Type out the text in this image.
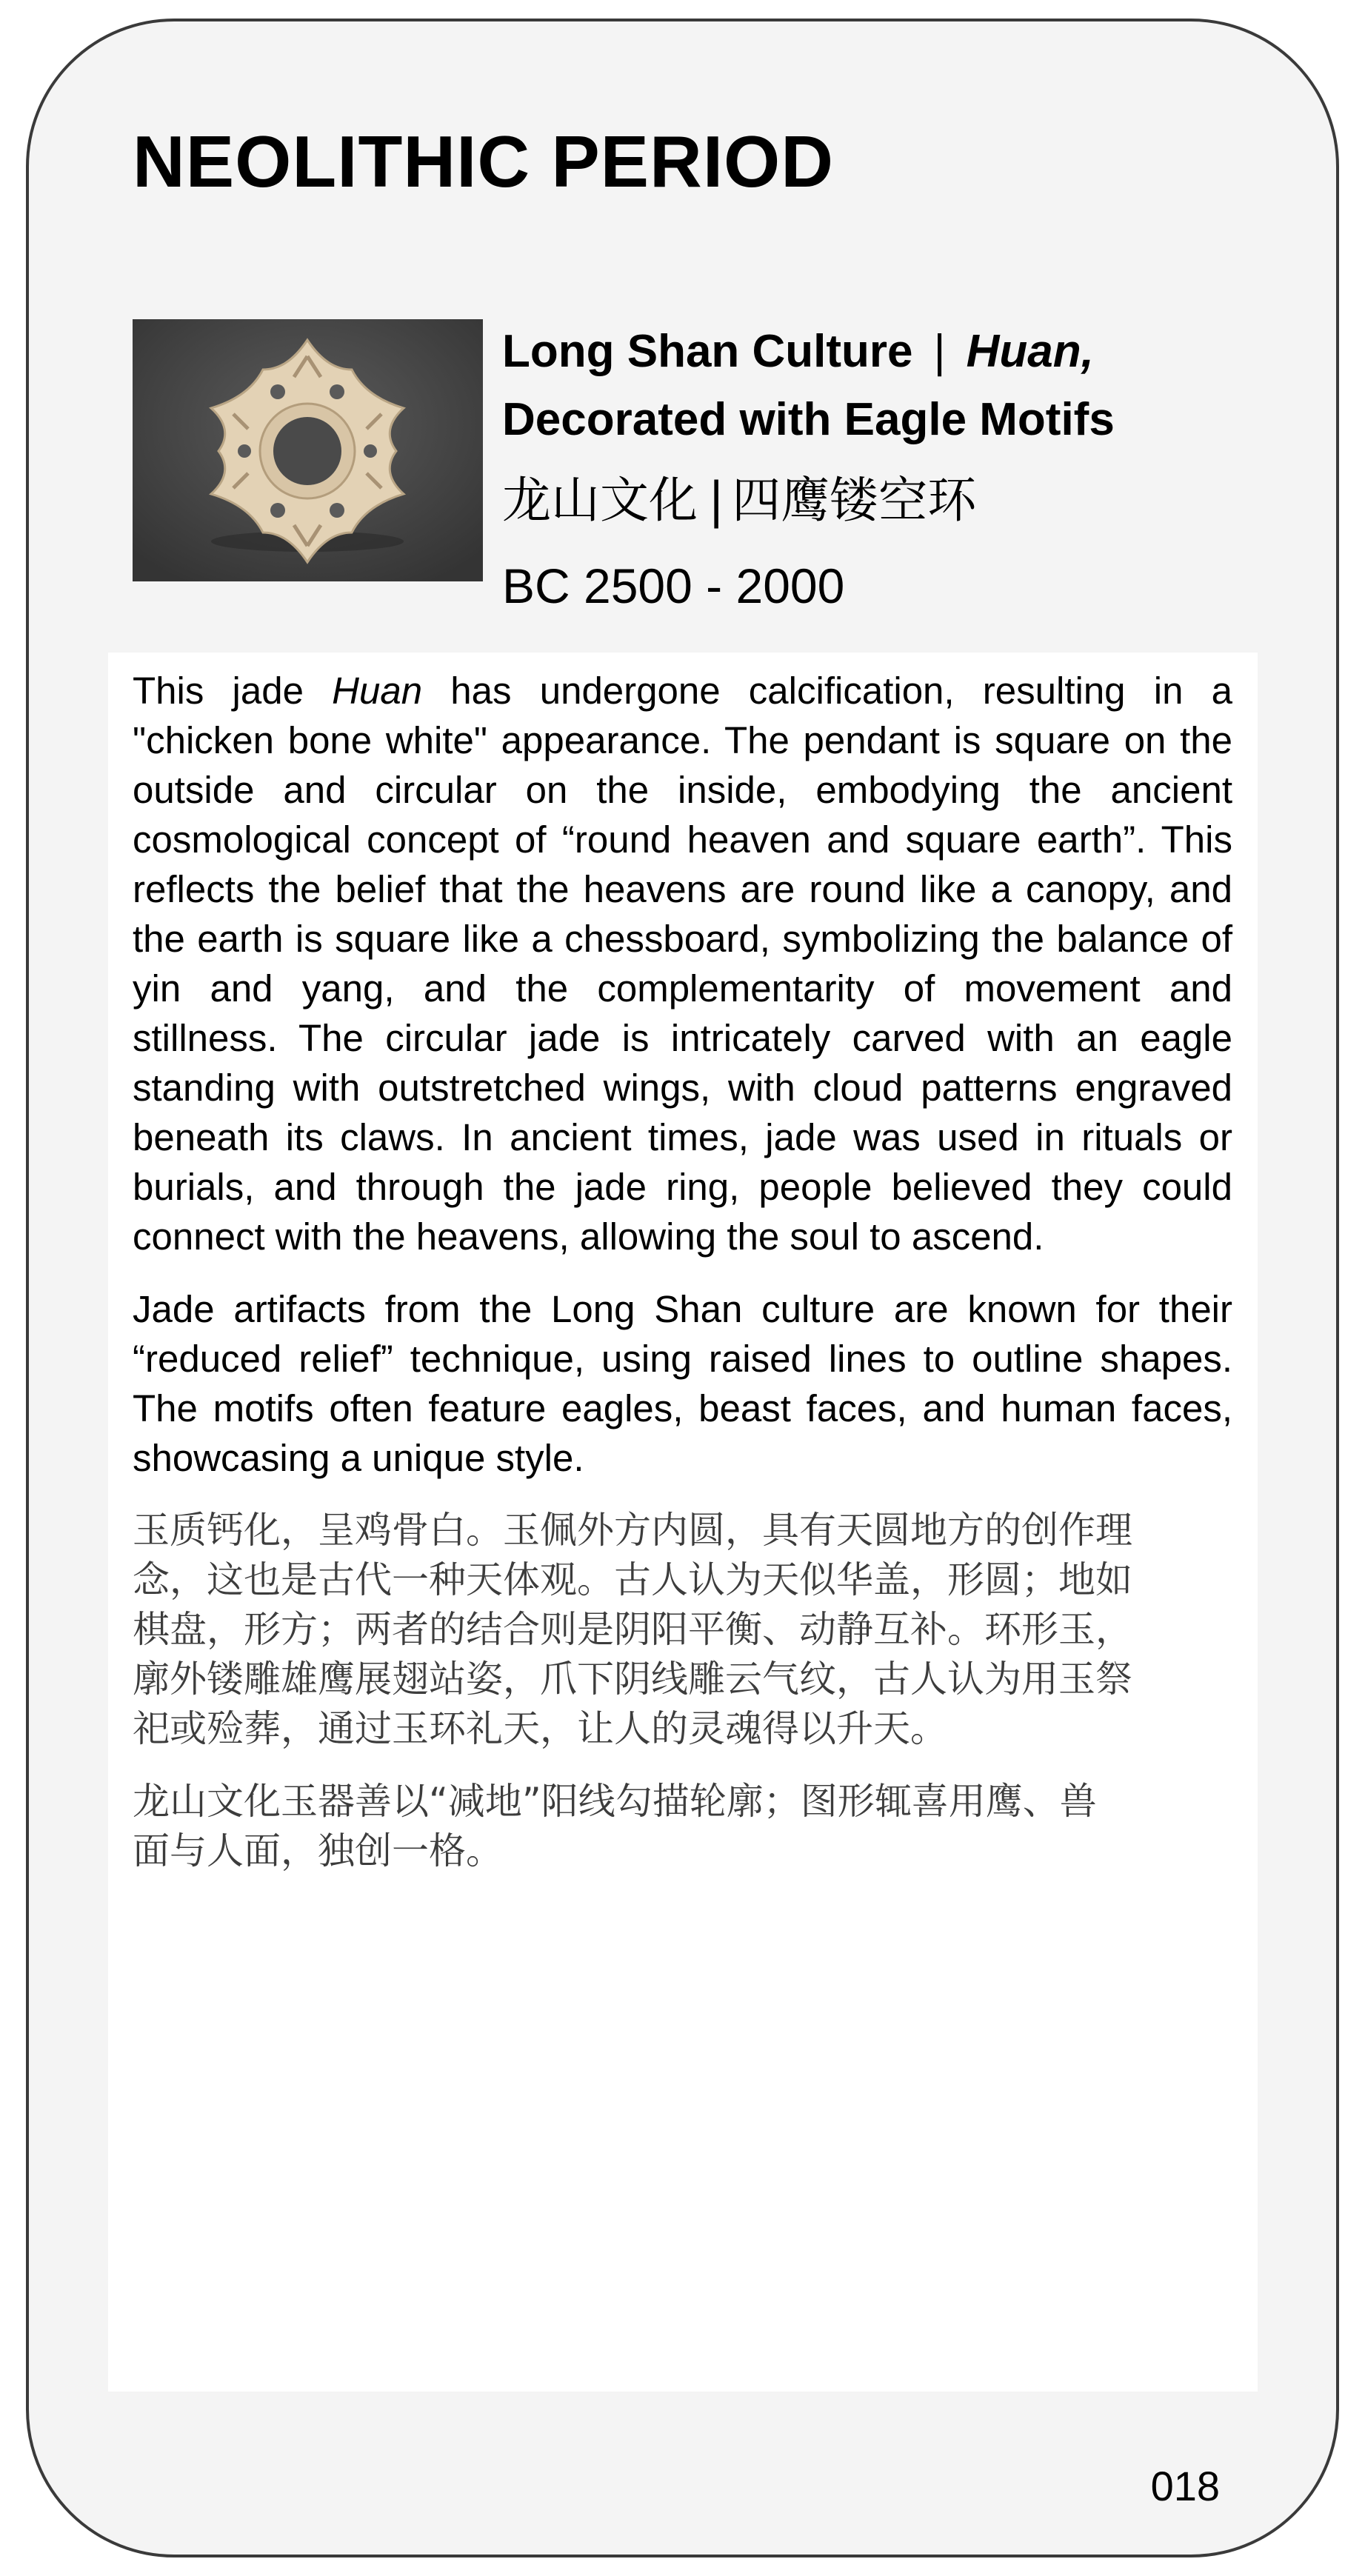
NEOLITHIC PERIOD
Long Shan Culture | Huan,
Decorated with Eagle Motifs
龙山文化 | 四鹰镂空环
BC 2500 - 2000

This jade Huan has undergone calcification, resulting in a "chicken bone white" appearance. The pendant is square on the outside and circular on the inside, embodying the ancient cosmological concept of “round heaven and square earth”. This reflects the belief that the heavens are round like a canopy, and the earth is square like a chessboard, symbolizing the balance of yin and yang, and the complementarity of movement and stillness. The circular jade is intricately carved with an eagle standing with outstretched wings, with cloud patterns engraved beneath its claws. In ancient times, jade was used in rituals or burials, and through the jade ring, people believed they could connect with the heavens, allowing the soul to ascend.

Jade artifacts from the Long Shan culture are known for their “reduced relief” technique, using raised lines to outline shapes. The motifs often feature eagles, beast faces, and human faces, showcasing a unique style.

玉质钙化，呈鸡骨白。玉佩外方内圆，具有天圆地方的创作理
念，这也是古代一种天体观。古人认为天似华盖，形圆；地如
棋盘，形方；两者的结合则是阴阳平衡、动静互补。环形玉，
廓外镂雕雄鹰展翅站姿，爪下阴线雕云气纹，古人认为用玉祭
祀或殓葬，通过玉环礼天，让人的灵魂得以升天。

龙山文化玉器善以“减地”阳线勾描轮廓；图形辄喜用鹰、兽
面与人面，独创一格。

018
